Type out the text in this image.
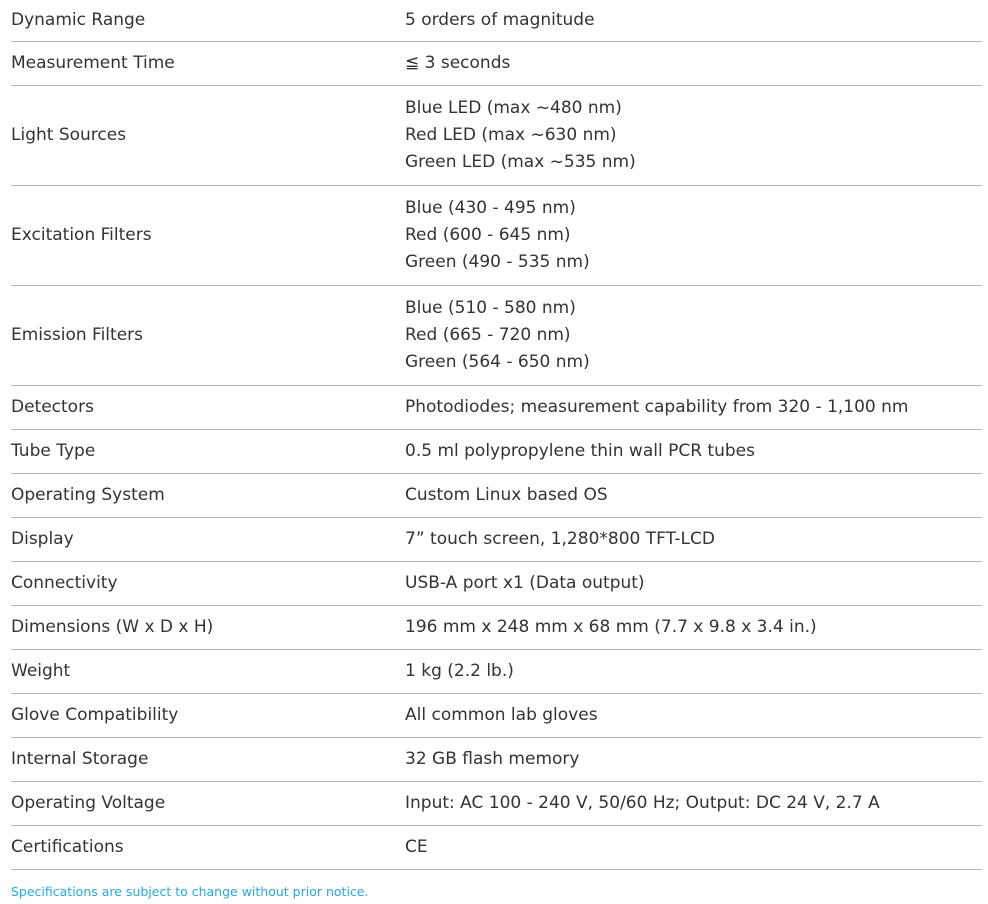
Dynamic Range	5 orders of magnitude

Measurement Time	≦ 3 seconds

Light Sources	Blue LED (max ~480 nm)
Red LED (max ~630 nm)
Green LED (max ~535 nm)

Excitation Filters	Blue (430 - 495 nm)
Red (600 - 645 nm)
Green (490 - 535 nm)

Emission Filters	Blue (510 - 580 nm)
Red (665 - 720 nm)
Green (564 - 650 nm)

Detectors	Photodiodes; measurement capability from 320 - 1,100 nm

Tube Type	0.5 ml polypropylene thin wall PCR tubes

Operating System	Custom Linux based OS

Display	7” touch screen, 1,280*800 TFT-LCD

Connectivity	USB-A port x1 (Data output)

Dimensions (W x D x H)	196 mm x 248 mm x 68 mm (7.7 x 9.8 x 3.4 in.)

Weight	1 kg (2.2 lb.)

Glove Compatibility	All common lab gloves

Internal Storage	32 GB flash memory

Operating Voltage	Input: AC 100 - 240 V, 50/60 Hz; Output: DC 24 V, 2.7 A

Certifications	CE
Specifications are subject to change without prior notice.
